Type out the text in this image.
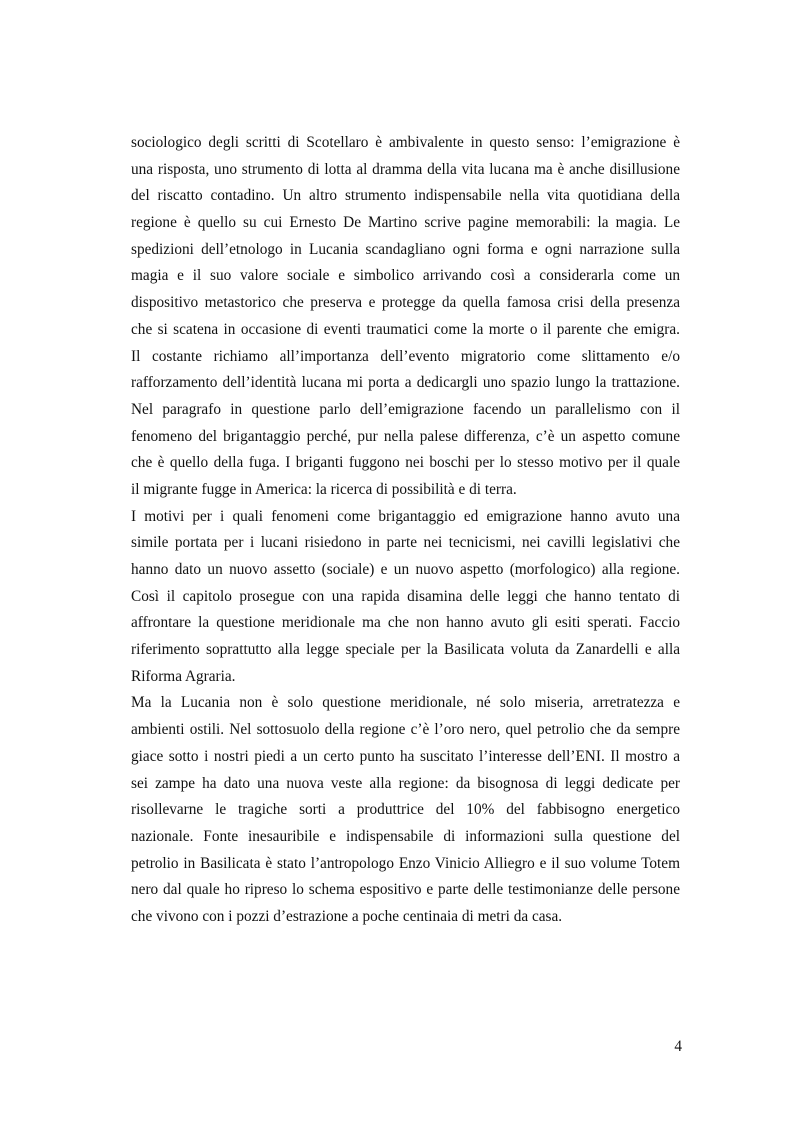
sociologico degli scritti di Scotellaro è ambivalente in questo senso: l’emigrazione è
una risposta, uno strumento di lotta al dramma della vita lucana ma è anche disillusione
del riscatto contadino. Un altro strumento indispensabile nella vita quotidiana della
regione è quello su cui Ernesto De Martino scrive pagine memorabili: la magia. Le
spedizioni dell’etnologo in Lucania scandagliano ogni forma e ogni narrazione sulla
magia e il suo valore sociale e simbolico arrivando così a considerarla come un
dispositivo metastorico che preserva e protegge da quella famosa crisi della presenza
che si scatena in occasione di eventi traumatici come la morte o il parente che emigra.
Il costante richiamo all’importanza dell’evento migratorio come slittamento e/o
rafforzamento dell’identità lucana mi porta a dedicargli uno spazio lungo la trattazione.
Nel paragrafo in questione parlo dell’emigrazione facendo un parallelismo con il
fenomeno del brigantaggio perché, pur nella palese differenza, c’è un aspetto comune
che è quello della fuga. I briganti fuggono nei boschi per lo stesso motivo per il quale
il migrante fugge in America: la ricerca di possibilità e di terra.
I motivi per i quali fenomeni come brigantaggio ed emigrazione hanno avuto una
simile portata per i lucani risiedono in parte nei tecnicismi, nei cavilli legislativi che
hanno dato un nuovo assetto (sociale) e un nuovo aspetto (morfologico) alla regione.
Così il capitolo prosegue con una rapida disamina delle leggi che hanno tentato di
affrontare la questione meridionale ma che non hanno avuto gli esiti sperati. Faccio
riferimento soprattutto alla legge speciale per la Basilicata voluta da Zanardelli e alla
Riforma Agraria.
Ma la Lucania non è solo questione meridionale, né solo miseria, arretratezza e
ambienti ostili. Nel sottosuolo della regione c’è l’oro nero, quel petrolio che da sempre
giace sotto i nostri piedi a un certo punto ha suscitato l’interesse dell’ENI. Il mostro a
sei zampe ha dato una nuova veste alla regione: da bisognosa di leggi dedicate per
risollevarne le tragiche sorti a produttrice del 10% del fabbisogno energetico
nazionale. Fonte inesauribile e indispensabile di informazioni sulla questione del
petrolio in Basilicata è stato l’antropologo Enzo Vinicio Alliegro e il suo volume Totem
nero dal quale ho ripreso lo schema espositivo e parte delle testimonianze delle persone
che vivono con i pozzi d’estrazione a poche centinaia di metri da casa.
4
